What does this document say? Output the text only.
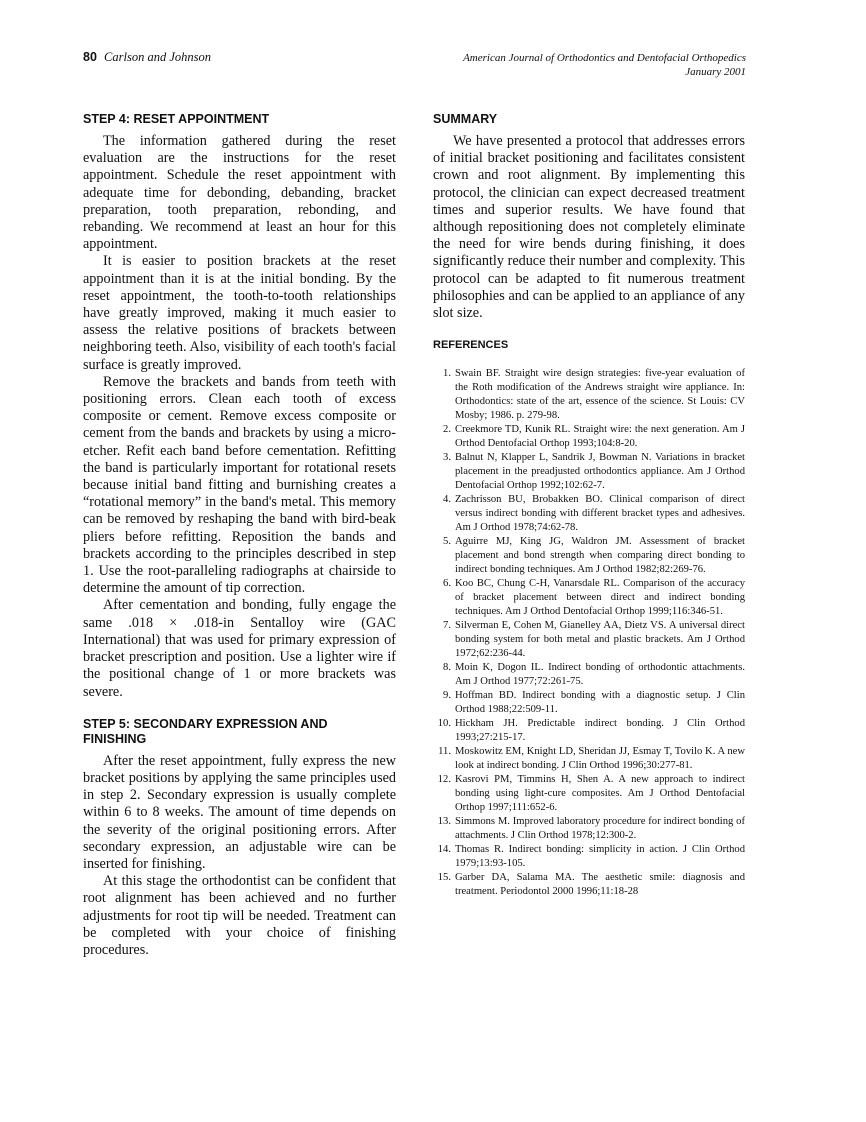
80 Carlson and Johnson	American Journal of Orthodontics and Dentofacial Orthopedics
January 2001
STEP 4: RESET APPOINTMENT

The information gathered during the reset evaluation are the instructions for the reset appointment. Schedule the reset appointment with adequate time for debonding, debanding, bracket preparation, tooth preparation, rebonding, and rebanding. We recommend at least an hour for this appointment.

It is easier to position brackets at the reset appointment than it is at the initial bonding. By the reset appointment, the tooth-to-tooth relationships have greatly improved, making it much easier to assess the relative positions of brackets between neighboring teeth. Also, visibility of each tooth's facial surface is greatly improved.

Remove the brackets and bands from teeth with positioning errors. Clean each tooth of excess composite or cement. Remove excess composite or cement from the bands and brackets by using a micro-etcher. Refit each band before cementation. Refitting the band is particularly important for rotational resets because initial band fitting and burnishing creates a “rotational memory” in the band's metal. This memory can be removed by reshaping the band with bird-beak pliers before refitting. Reposition the bands and brackets according to the principles described in step 1. Use the root-paralleling radiographs at chairside to determine the amount of tip correction.

After cementation and bonding, fully engage the same .018 × .018-in Sentalloy wire (GAC International) that was used for primary expression of bracket prescription and position. Use a lighter wire if the positional change of 1 or more brackets was severe.

STEP 5: SECONDARY EXPRESSION AND FINISHING

After the reset appointment, fully express the new bracket positions by applying the same principles used in step 2. Secondary expression is usually complete within 6 to 8 weeks. The amount of time depends on the severity of the original positioning errors. After secondary expression, an adjustable wire can be inserted for finishing.

At this stage the orthodontist can be confident that root alignment has been achieved and no further adjustments for root tip will be needed. Treatment can be completed with your choice of finishing procedures.

SUMMARY

We have presented a protocol that addresses errors of initial bracket positioning and facilitates consistent crown and root alignment. By implementing this protocol, the clinician can expect decreased treatment times and superior results. We have found that although repositioning does not completely eliminate the need for wire bends during finishing, it does significantly reduce their number and complexity. This protocol can be adapted to fit numerous treatment philosophies and can be applied to an appliance of any slot size.

REFERENCES
1. Swain BF. Straight wire design strategies: five-year evaluation of the Roth modification of the Andrews straight wire appliance. In: Orthodontics: state of the art, essence of the science. St Louis: CV Mosby; 1986. p. 279-98.
2. Creekmore TD, Kunik RL. Straight wire: the next generation. Am J Orthod Dentofacial Orthop 1993;104:8-20.
3. Balnut N, Klapper L, Sandrik J, Bowman N. Variations in bracket placement in the preadjusted orthodontics appliance. Am J Orthod Dentofacial Orthop 1992;102:62-7.
4. Zachrisson BU, Brobakken BO. Clinical comparison of direct versus indirect bonding with different bracket types and adhesives. Am J Orthod 1978;74:62-78.
5. Aguirre MJ, King JG, Waldron JM. Assessment of bracket placement and bond strength when comparing direct bonding to indirect bonding techniques. Am J Orthod 1982;82:269-76.
6. Koo BC, Chung C-H, Vanarsdale RL. Comparison of the accuracy of bracket placement between direct and indirect bonding techniques. Am J Orthod Dentofacial Orthop 1999;116:346-51.
7. Silverman E, Cohen M, Gianelley AA, Dietz VS. A universal direct bonding system for both metal and plastic brackets. Am J Orthod 1972;62:236-44.
8. Moin K, Dogon IL. Indirect bonding of orthodontic attachments. Am J Orthod 1977;72:261-75.
9. Hoffman BD. Indirect bonding with a diagnostic setup. J Clin Orthod 1988;22:509-11.
10. Hickham JH. Predictable indirect bonding. J Clin Orthod 1993;27:215-17.
11. Moskowitz EM, Knight LD, Sheridan JJ, Esmay T, Tovilo K. A new look at indirect bonding. J Clin Orthod 1996;30:277-81.
12. Kasrovi PM, Timmins H, Shen A. A new approach to indirect bonding using light-cure composites. Am J Orthod Dentofacial Orthop 1997;111:652-6.
13. Simmons M. Improved laboratory procedure for indirect bonding of attachments. J Clin Orthod 1978;12:300-2.
14. Thomas R. Indirect bonding: simplicity in action. J Clin Orthod 1979;13:93-105.
15. Garber DA, Salama MA. The aesthetic smile: diagnosis and treatment. Periodontol 2000 1996;11:18-28
